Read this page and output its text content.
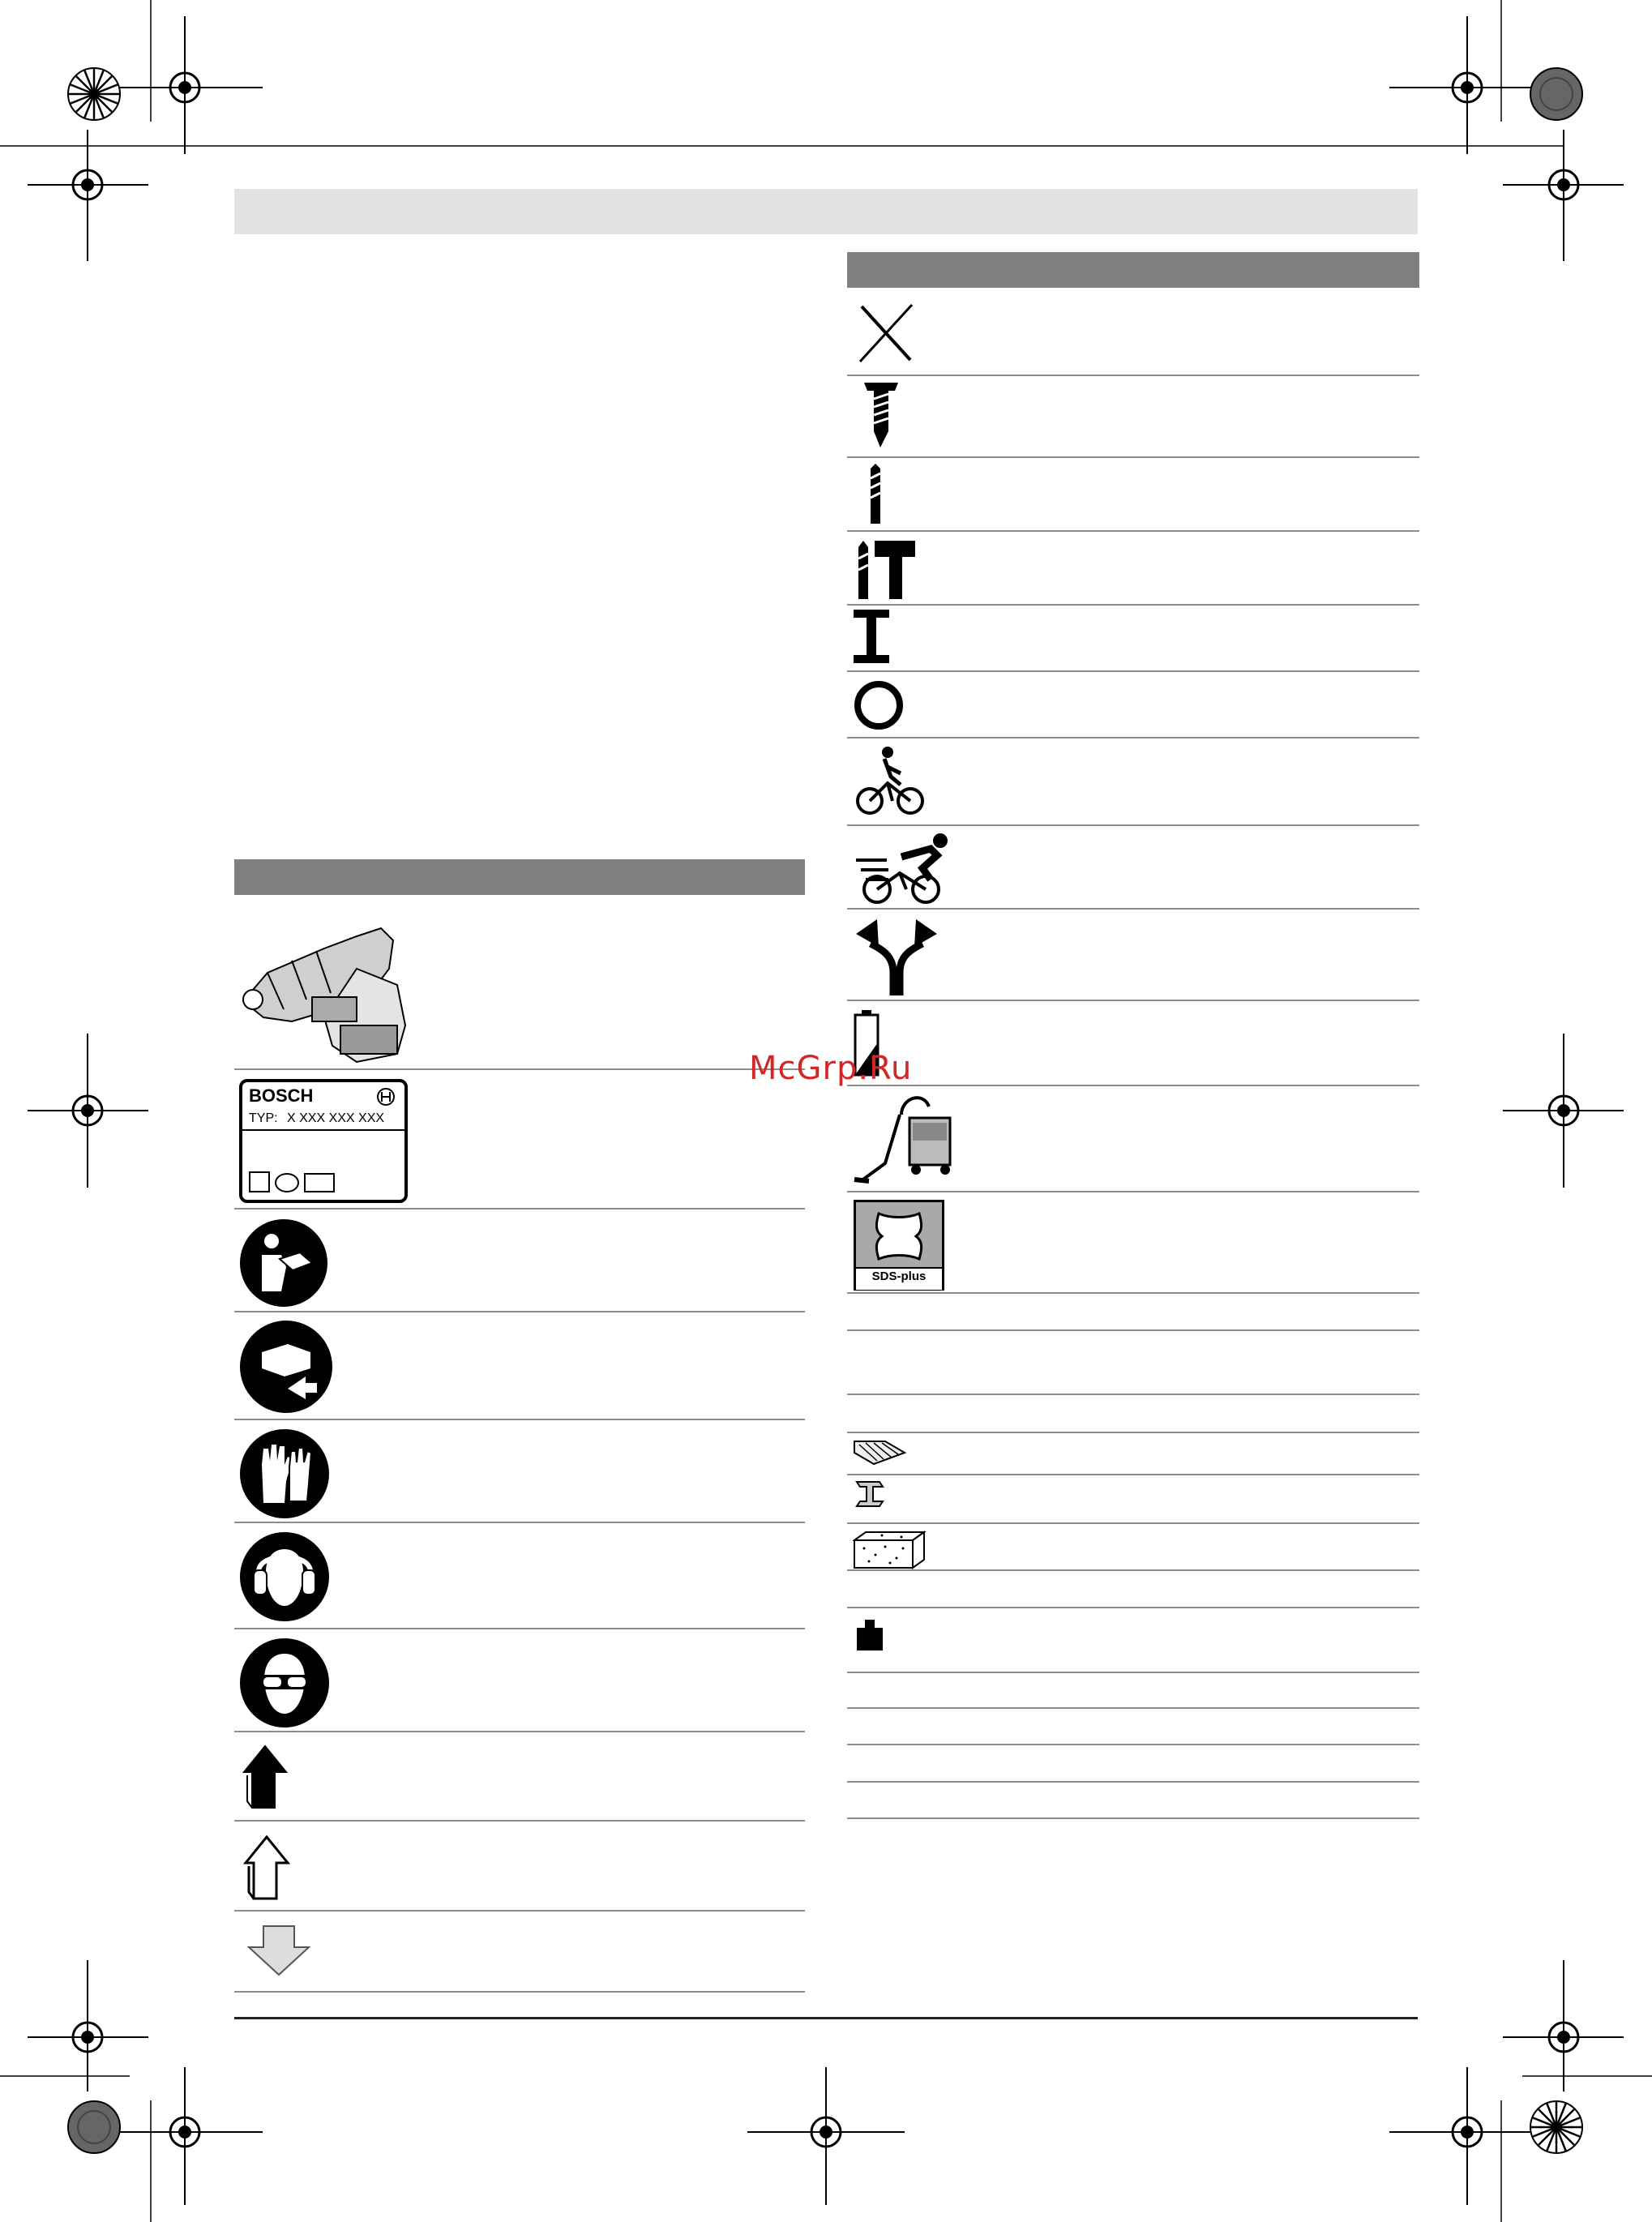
BOSCH
TYP: X XXX XXX XXX
SDS-plus
McGrp.Ru
